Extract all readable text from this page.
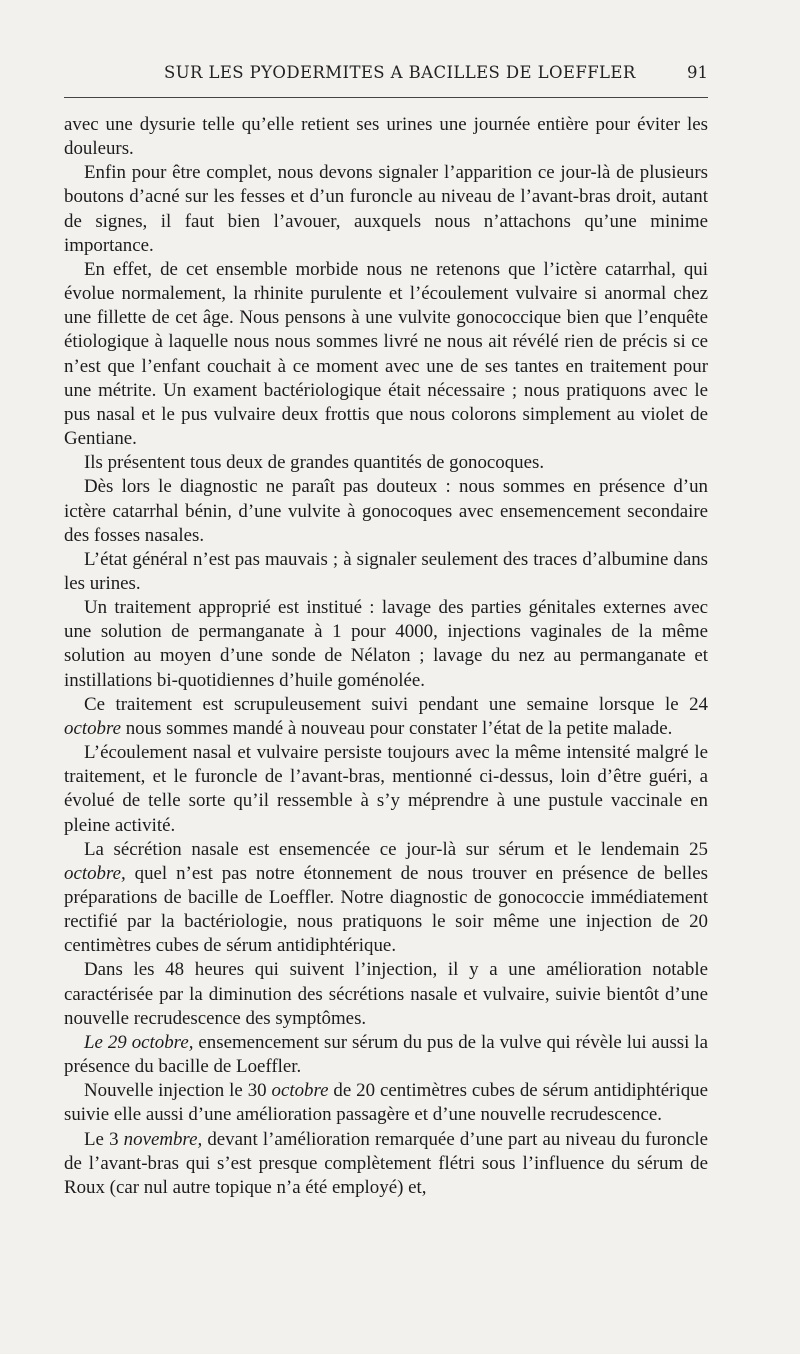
SUR LES PYODERMITES A BACILLES DE LOEFFLER	91

avec une dysurie telle qu’elle retient ses urines une journée entière pour éviter les douleurs.

Enfin pour être complet, nous devons signaler l’apparition ce jour-là de plusieurs boutons d’acné sur les fesses et d’un furoncle au niveau de l’avant-bras droit, autant de signes, il faut bien l’avouer, auxquels nous n’attachons qu’une minime importance.

En effet, de cet ensemble morbide nous ne retenons que l’ictère catarrhal, qui évolue normalement, la rhinite purulente et l’écoulement vulvaire si anormal chez une fillette de cet âge. Nous pensons à une vulvite gonococcique bien que l’enquête étiologique à laquelle nous nous sommes livré ne nous ait révélé rien de précis si ce n’est que l’enfant couchait à ce moment avec une de ses tantes en traitement pour une métrite. Un exament bactériologique était nécessaire ; nous pratiquons avec le pus nasal et le pus vulvaire deux frottis que nous colorons simplement au violet de Gentiane.

Ils présentent tous deux de grandes quantités de gonocoques.

Dès lors le diagnostic ne paraît pas douteux : nous sommes en présence d’un ictère catarrhal bénin, d’une vulvite à gonocoques avec ensemencement secondaire des fosses nasales.

L’état général n’est pas mauvais ; à signaler seulement des traces d’albumine dans les urines.

Un traitement approprié est institué : lavage des parties génitales externes avec une solution de permanganate à 1 pour 4000, injections vaginales de la même solution au moyen d’une sonde de Nélaton ; lavage du nez au permanganate et instillations bi-quotidiennes d’huile goménolée.

Ce traitement est scrupuleusement suivi pendant une semaine lorsque le 24 octobre nous sommes mandé à nouveau pour constater l’état de la petite malade.

L’écoulement nasal et vulvaire persiste toujours avec la même intensité malgré le traitement, et le furoncle de l’avant-bras, mentionné ci-dessus, loin d’être guéri, a évolué de telle sorte qu’il ressemble à s’y méprendre à une pustule vaccinale en pleine activité.

La sécrétion nasale est ensemencée ce jour-là sur sérum et le lendemain 25 octobre, quel n’est pas notre étonnement de nous trouver en présence de belles préparations de bacille de Loeffler. Notre diagnostic de gonococcie immédiatement rectifié par la bactériologie, nous pratiquons le soir même une injection de 20 centimètres cubes de sérum antidiphtérique.

Dans les 48 heures qui suivent l’injection, il y a une amélioration notable caractérisée par la diminution des sécrétions nasale et vulvaire, suivie bientôt d’une nouvelle recrudescence des symptômes.

Le 29 octobre, ensemencement sur sérum du pus de la vulve qui révèle lui aussi la présence du bacille de Loeffler.

Nouvelle injection le 30 octobre de 20 centimètres cubes de sérum antidiphtérique suivie elle aussi d’une amélioration passagère et d’une nouvelle recrudescence.

Le 3 novembre, devant l’amélioration remarquée d’une part au niveau du furoncle de l’avant-bras qui s’est presque complètement flétri sous l’influence du sérum de Roux (car nul autre topique n’a été employé) et,
